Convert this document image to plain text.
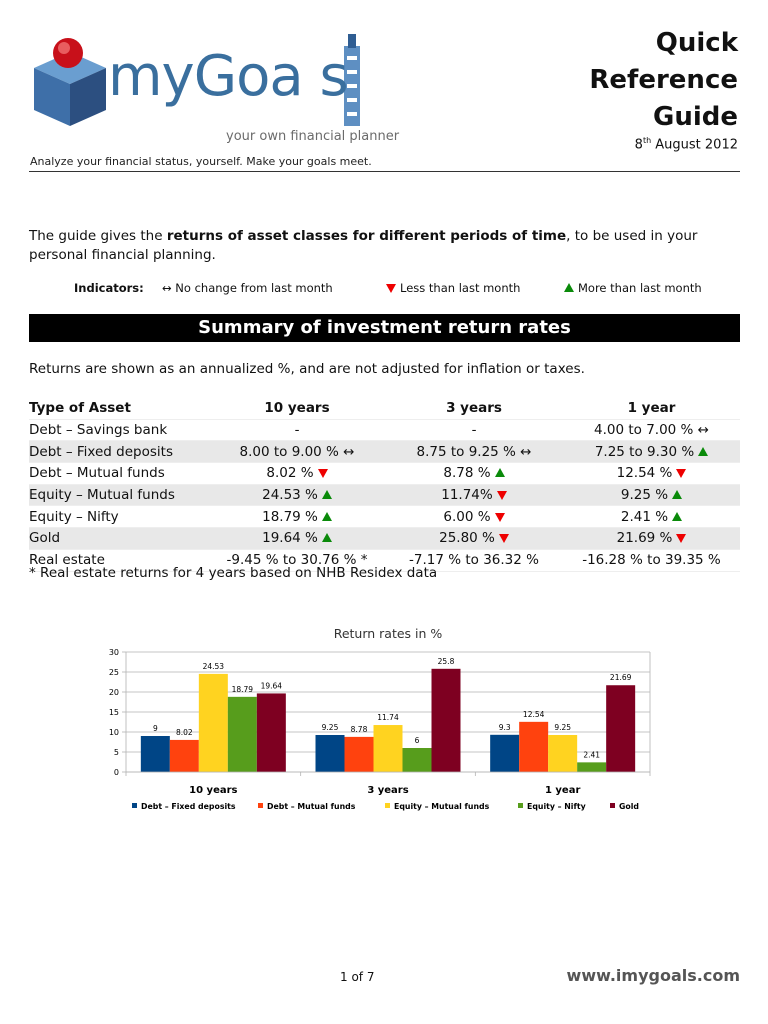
myGoa s
your own financial planner
Quick
Reference
Guide
8th August 2012
Analyze your financial status, yourself. Make your goals meet.
The guide gives the returns of asset classes for different periods of time, to be used in your personal financial planning.
Indicators: ↔ No change from last month	Less than last month	More than last month
Summary of investment return rates
Returns are shown as an annualized %, and are not adjusted for inflation or taxes.
Type of Asset	10 years	3 years	1 year
Debt – Savings bank	-	-	4.00 to 7.00 % ↔
Debt – Fixed deposits	8.00 to 9.00 % ↔	8.75 to 9.25 % ↔	7.25 to 9.30 %
Debt – Mutual funds	8.02 %	8.78 %	12.54 %
Equity – Mutual funds	24.53 %	11.74%	9.25 %
Equity – Nifty	18.79 %	6.00 %	2.41 %
Gold	19.64 %	25.80 %	21.69 %
Real estate	-9.45 % to 30.76 % *	-7.17 % to 36.32 %	-16.28 % to 39.35 %
* Real estate returns for 4 years based on NHB Residex data
Return rates in %
0
5
10
15
20
25
30
9 8.02
24.53
18.79 19.64
10 years
9.25 8.78
11.74
6
25.8
3 years
9.3
12.54
9.25
2.41
21.69
1 year
Debt – Fixed deposits	Debt – Mutual funds	Equity – Mutual funds	Equity – Nifty	Gold
1 of 7	www.imygoals.com
